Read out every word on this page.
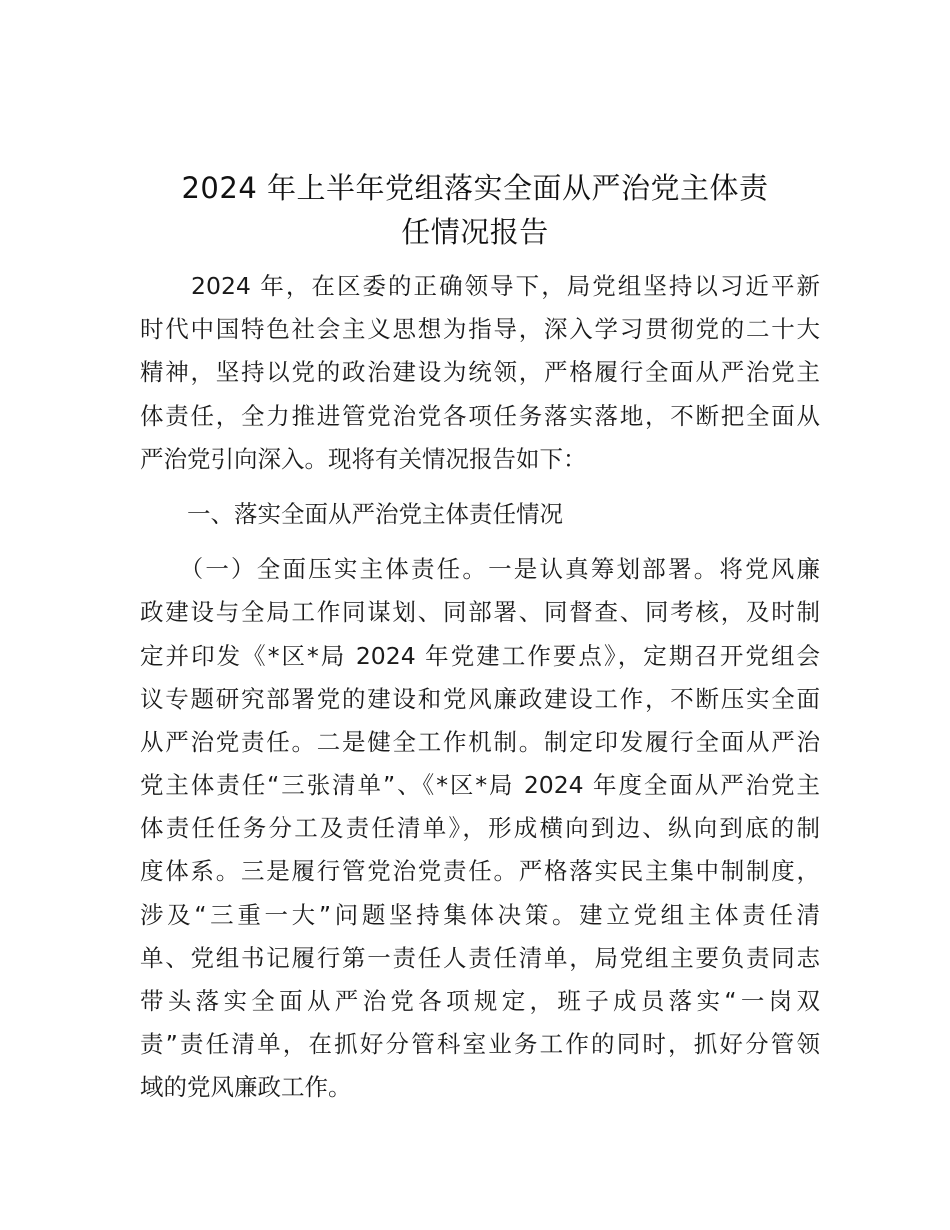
2024 年上半年党组落实全面从严治党主体责
任情况报告
　　2024 年，在区委的正确领导下，局党组坚持以习近平新
时代中国特色社会主义思想为指导，深入学习贯彻党的二十大
精神，坚持以党的政治建设为统领，严格履行全面从严治党主
体责任，全力推进管党治党各项任务落实落地，不断把全面从
严治党引向深入。现将有关情况报告如下：
　　一、落实全面从严治党主体责任情况
　　（一）全面压实主体责任。一是认真筹划部署。将党风廉
政建设与全局工作同谋划、同部署、同督查、同考核，及时制
定并印发《*区*局 2024 年党建工作要点》，定期召开党组会
议专题研究部署党的建设和党风廉政建设工作，不断压实全面
从严治党责任。二是健全工作机制。制定印发履行全面从严治
党主体责任“三张清单”、《*区*局 2024 年度全面从严治党主
体责任任务分工及责任清单》，形成横向到边、纵向到底的制
度体系。三是履行管党治党责任。严格落实民主集中制制度，
涉及“三重一大”问题坚持集体决策。建立党组主体责任清
单、党组书记履行第一责任人责任清单，局党组主要负责同志
带头落实全面从严治党各项规定，班子成员落实“一岗双
责”责任清单，在抓好分管科室业务工作的同时，抓好分管领
域的党风廉政工作。
